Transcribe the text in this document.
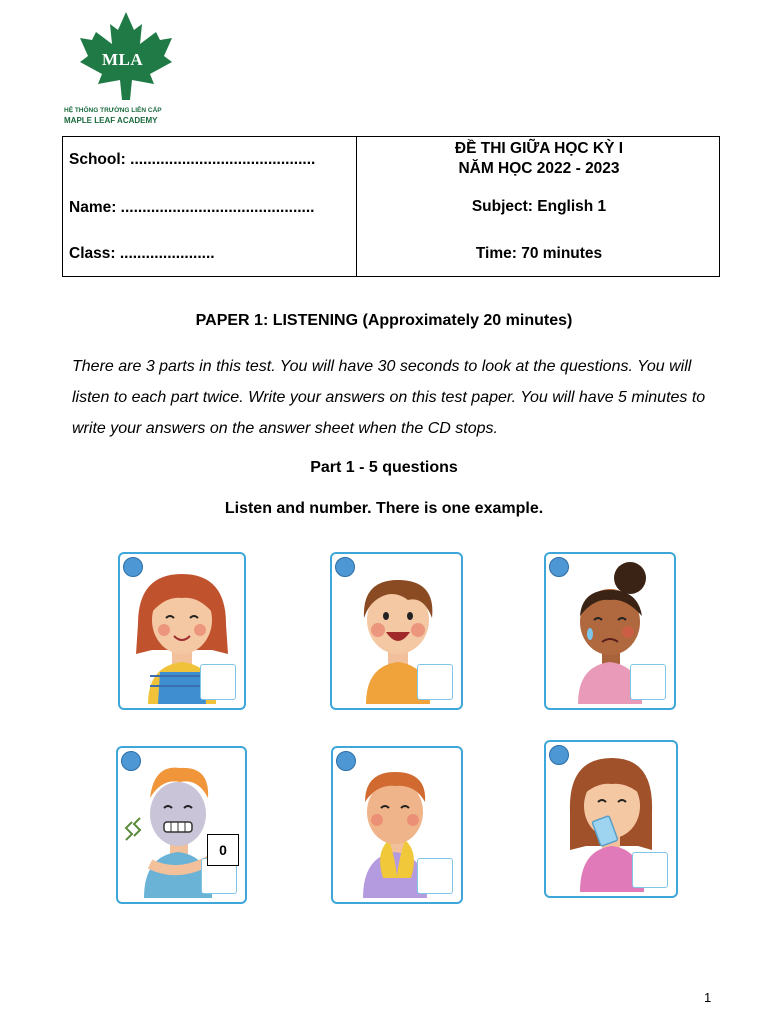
MLA
HỆ THỐNG TRƯỜNG LIÊN CẤP
MAPLE LEAF ACADEMY
School: ...........................................
Name: .............................................
Class: ......................
ĐỀ THI GIỮA HỌC KỲ I
NĂM HỌC 2022 - 2023
Subject: English 1
Time: 70 minutes
PAPER 1: LISTENING (Approximately 20 minutes)
There are 3 parts in this test. You will have 30 seconds to look at the questions. You will listen to each part twice. Write your answers on this test paper. You will have 5 minutes to write your answers on the answer sheet when the CD stops.
Part 1 - 5 questions
Listen and number. There is one example.
0
1
